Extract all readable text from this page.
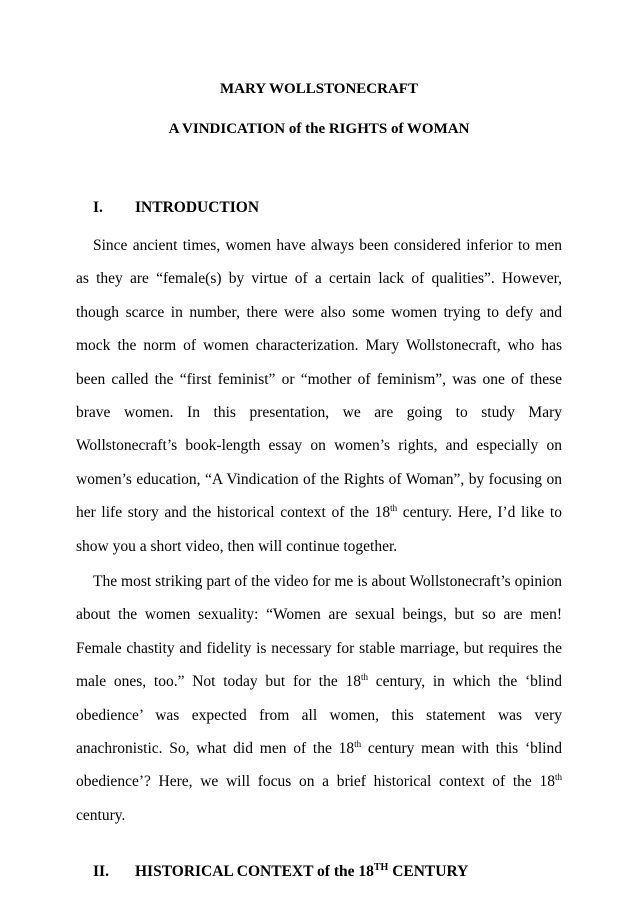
MARY WOLLSTONECRAFT
A VINDICATION of the RIGHTS of WOMAN
I. INTRODUCTION

Since ancient times, women have always been considered inferior to men as they are “female(s) by virtue of a certain lack of qualities”. However, though scarce in number, there were also some women trying to defy and mock the norm of women characterization. Mary Wollstonecraft, who has been called the “first feminist” or “mother of feminism”, was one of these brave women. In this presentation, we are going to study Mary Wollstonecraft’s book-length essay on women’s rights, and especially on women’s education, “A Vindication of the Rights of Woman”, by focusing on her life story and the historical context of the 18th century. Here, I’d like to show you a short video, then will continue together.

The most striking part of the video for me is about Wollstonecraft’s opinion about the women sexuality: “Women are sexual beings, but so are men! Female chastity and fidelity is necessary for stable marriage, but requires the male ones, too.” Not today but for the 18th century, in which the ‘blind obedience’ was expected from all women, this statement was very anachronistic. So, what did men of the 18th century mean with this ‘blind obedience’? Here, we will focus on a brief historical context of the 18th century.

II. HISTORICAL CONTEXT of the 18TH CENTURY
